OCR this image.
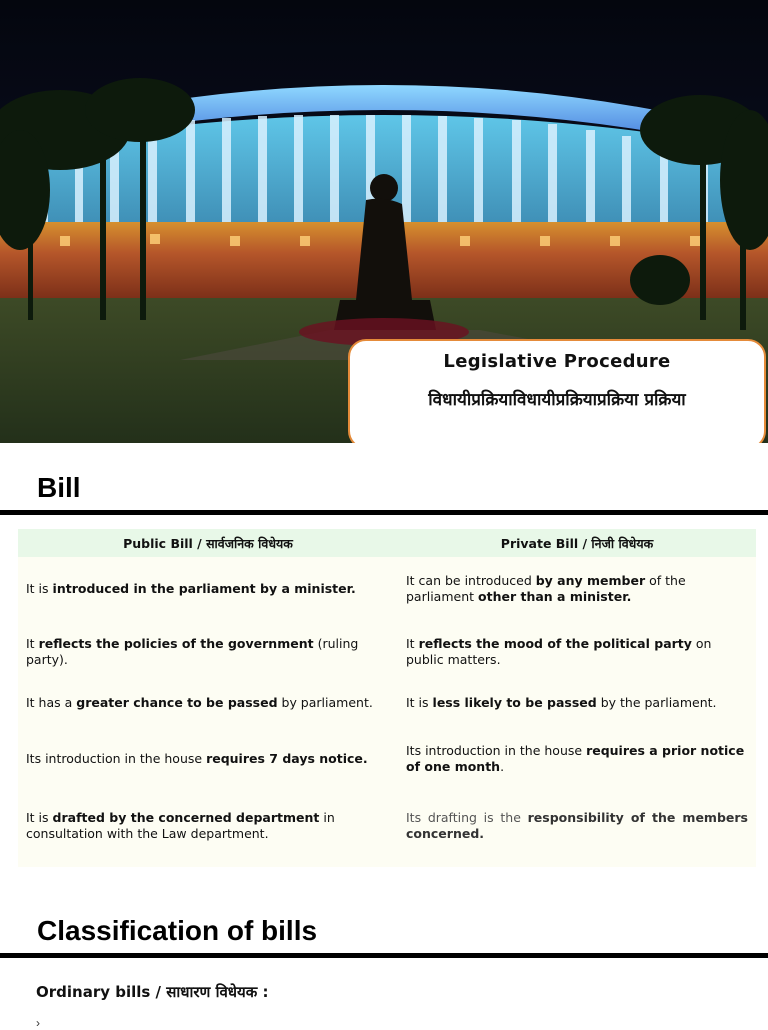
Legislative Procedure
विधायीप्रक्रियाविधायीप्रक्रियाप्रक्रिया प्रक्रिया
Bill
Public Bill / सार्वजनिक विधेयक	Private Bill / निजी विधेयक
It is introduced in the parliament by a minister.	It can be introduced by any member of the parliament other than a minister.
It reflects the policies of the government (ruling party).	It reflects the mood of the political party on public matters.
It has a greater chance to be passed by parliament.	It is less likely to be passed by the parliament.
Its introduction in the house requires 7 days notice.	Its introduction in the house requires a prior notice of one month.
It is drafted by the concerned department in consultation with the Law department.	Its drafting is the responsibility of the members concerned.

Classification of bills
Ordinary bills / साधारण विधेयक :
›
